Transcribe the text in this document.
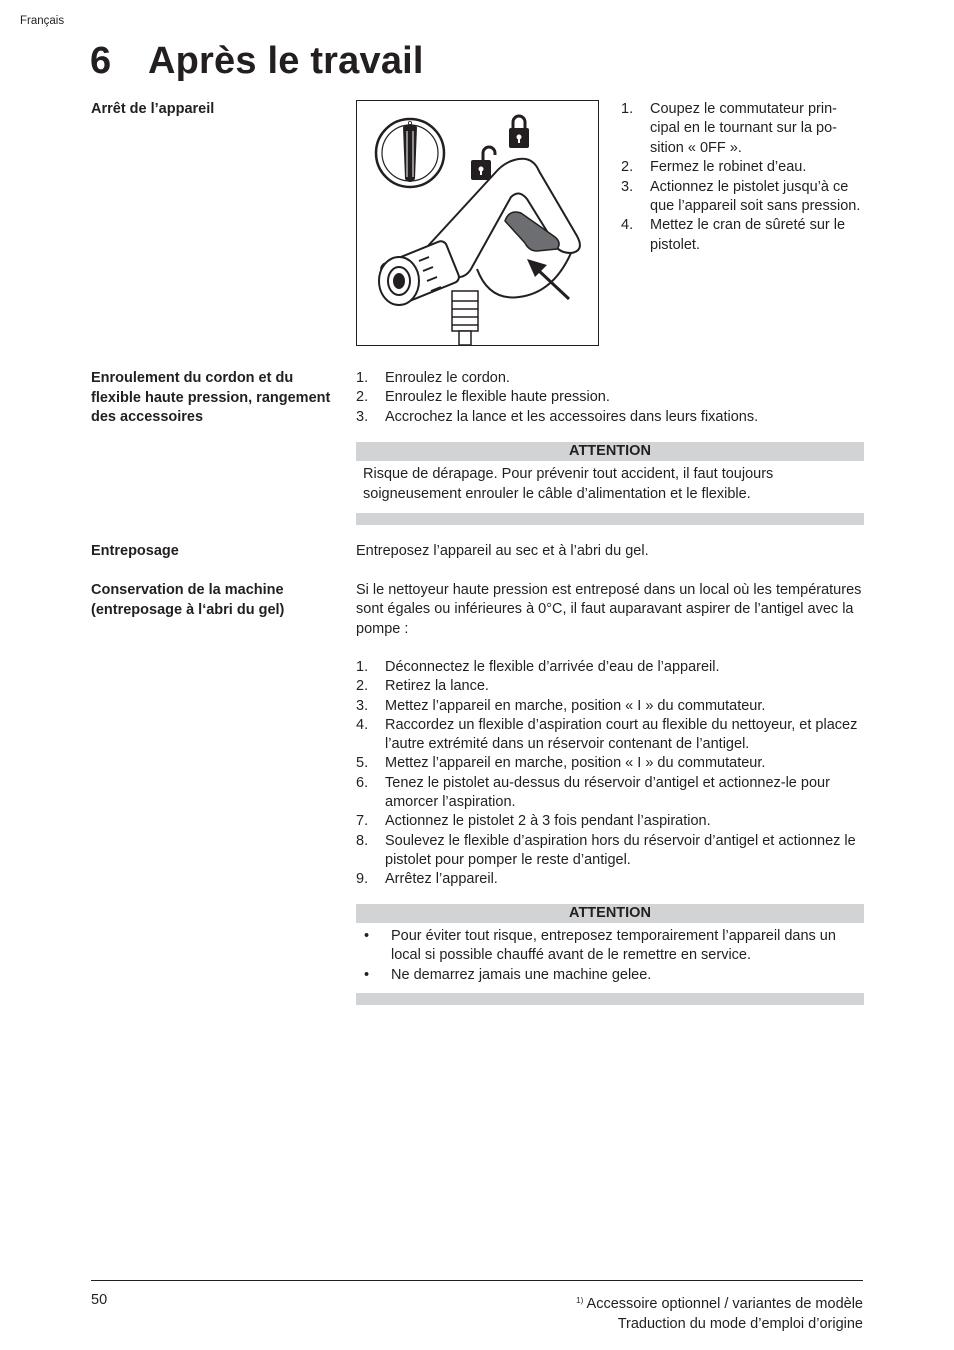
Français
6 Après le travail
Arrêt de l’appareil	1. Coupez le commutateur principal en le tournant sur la position « 0FF ».
2. Fermez le robinet d’eau.
3. Actionnez le pistolet jusqu’à ce que l’appareil soit sans pression.
4. Mettez le cran de sûreté sur le pistolet.
Enroulement du cordon et du flexible haute pression, rangement des accessoires
1. Enroulez le cordon.
2. Enroulez le flexible haute pression.
3. Accrochez la lance et les accessoires dans leurs fixations.
ATTENTION
Risque de dérapage. Pour prévenir tout accident, il faut toujours soigneusement enrouler le câble d’alimentation et le flexible.
Entreposage	Entreposez l’appareil au sec et à l’abri du gel.
Conservation de la machine (entreposage à l‘abri du gel)
Si le nettoyeur haute pression est entreposé dans un local où les températures sont égales ou inférieures à 0°C, il faut auparavant aspirer de l’antigel avec la pompe :
1. Déconnectez le flexible d’arrivée d’eau de l’appareil.
2. Retirez la lance.
3. Mettez l’appareil en marche, position « I » du commutateur.
4. Raccordez un flexible d’aspiration court au flexible du nettoyeur, et placez l’autre extrémité dans un réservoir contenant de l’antigel.
5. Mettez l’appareil en marche, position « I » du commutateur.
6. Tenez le pistolet au-dessus du réservoir d’antigel et actionnez-le pour amorcer l’aspiration.
7. Actionnez le pistolet 2 à 3 fois pendant l’aspiration.
8. Soulevez le flexible d’aspiration hors du réservoir d’antigel et actionnez le pistolet pour pomper le reste d’antigel.
9. Arrêtez l’appareil.
ATTENTION
• Pour éviter tout risque, entreposez temporairement l’appareil dans un local si possible chauffé avant de le remettre en service.
• Ne demarrez jamais une machine gelee.
50	$^{1)}$ Accessoire optionnel / variantes de modèle
Traduction du mode d’emploi d’origine
